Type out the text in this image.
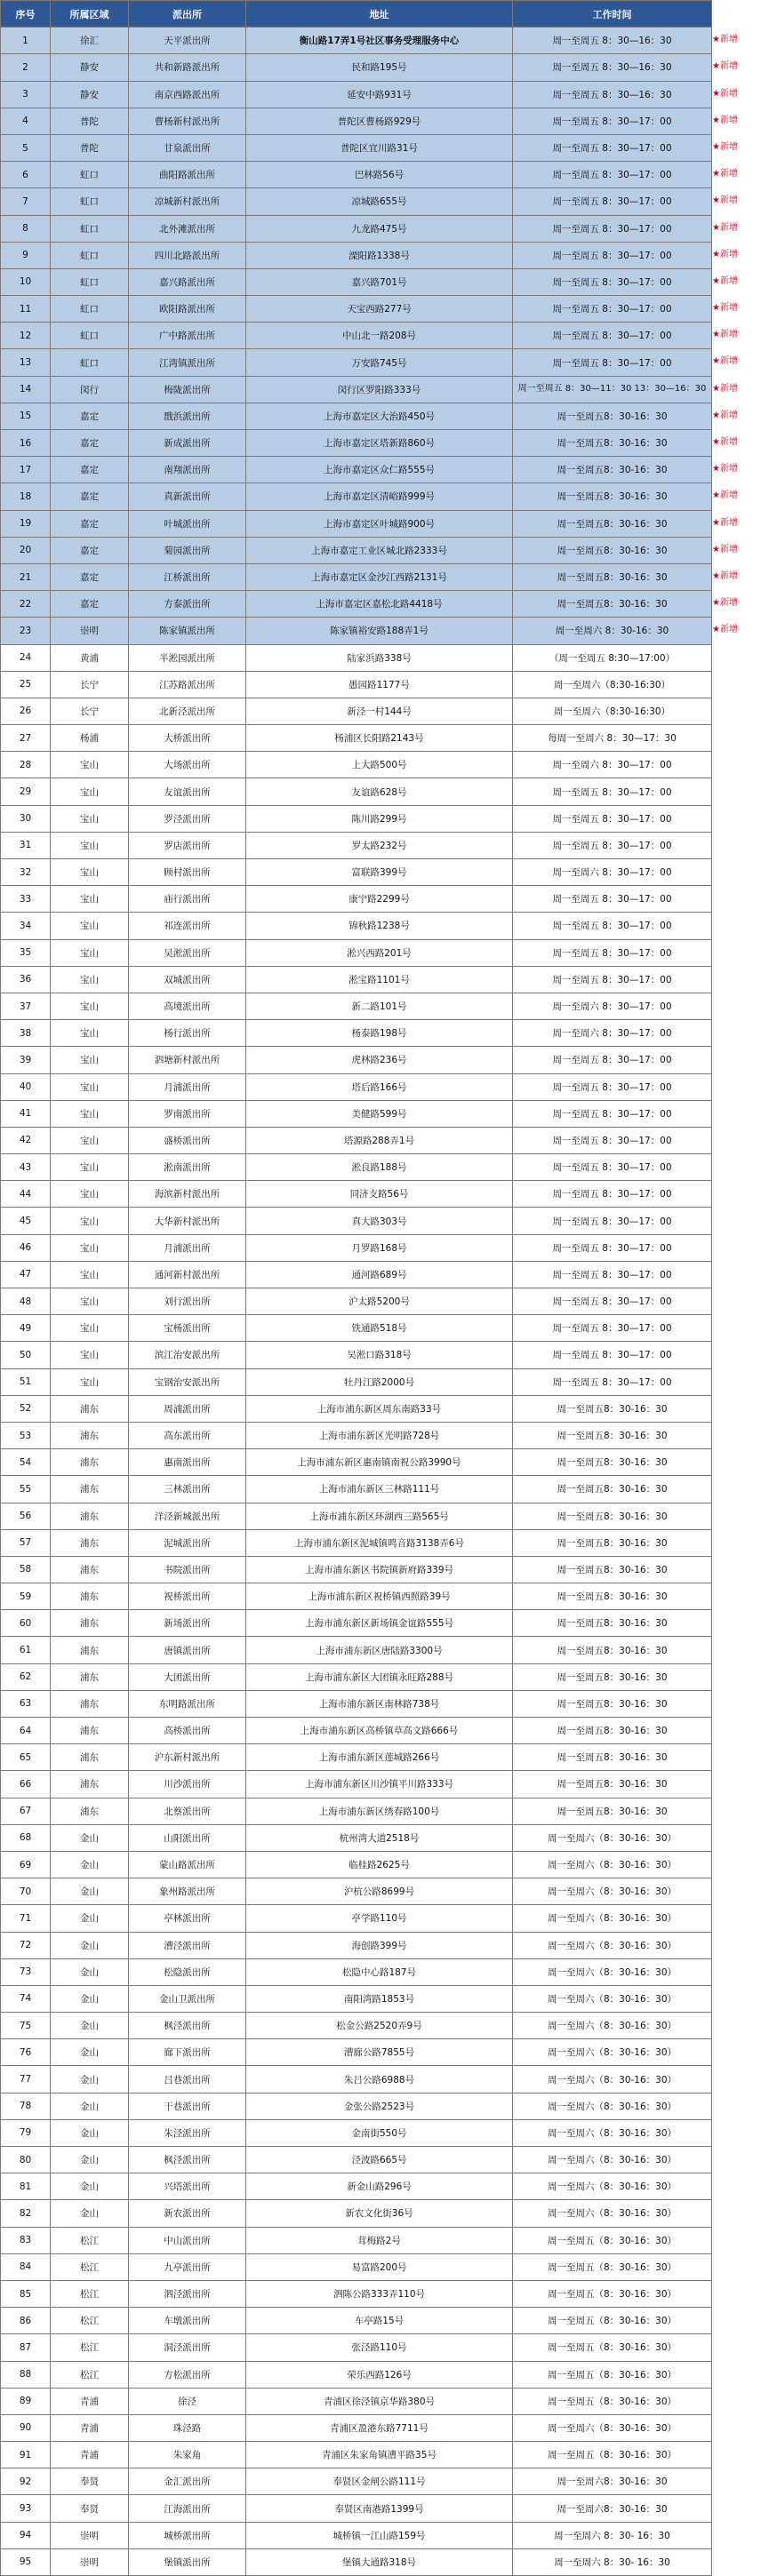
序号	所属区域	派出所	地址	工作时间
1	徐汇	天平派出所	衡山路17弄1号社区事务受理服务中心	周一至周五 8：30—16：30
2	静安	共和新路派出所	民和路195号	周一至周五 8：30—16：30
3	静安	南京西路派出所	延安中路931号	周一至周五 8：30—16：30
4	普陀	曹杨新村派出所	普陀区曹杨路929号	周一至周五 8：30—17：00
5	普陀	甘泉派出所	普陀区宜川路31号	周一至周五 8：30—17：00
6	虹口	曲阳路派出所	巴林路56号	周一至周五 8：30—17：00
7	虹口	凉城新村派出所	凉城路655号	周一至周五 8：30—17：00
8	虹口	北外滩派出所	九龙路475号	周一至周五 8：30—17：00
9	虹口	四川北路派出所	溧阳路1338号	周一至周五 8：30—17：00
10	虹口	嘉兴路派出所	嘉兴路701号	周一至周五 8：30—17：00
11	虹口	欧阳路派出所	天宝西路277号	周一至周五 8：30—17：00
12	虹口	广中路派出所	中山北一路208号	周一至周五 8：30—17：00
13	虹口	江湾镇派出所	万安路745号	周一至周五 8：30—17：00
14	闵行	梅陇派出所	闵行区罗阳路333号	周一至周五 8：30—11：30 13：30—16：30
15	嘉定	戬浜派出所	上海市嘉定区大治路450号	周一至周五8：30-16：30
16	嘉定	新成派出所	上海市嘉定区塔新路860号	周一至周五8：30-16：30
17	嘉定	南翔派出所	上海市嘉定区众仁路555号	周一至周五8：30-16：30
18	嘉定	真新派出所	上海市嘉定区清峪路999号	周一至周五8：30-16：30
19	嘉定	叶城派出所	上海市嘉定区叶城路900号	周一至周五8：30-16：30
20	嘉定	菊园派出所	上海市嘉定工业区城北路2333号	周一至周五8：30-16：30
21	嘉定	江桥派出所	上海市嘉定区金沙江西路2131号	周一至周五8：30-16：30
22	嘉定	方泰派出所	上海市嘉定区嘉松北路4418号	周一至周五8：30-16：30
23	崇明	陈家镇派出所	陈家镇裕安路188弄1号	周一至周六 8：30-16：30
24	黄浦	半淞园派出所	陆家浜路338号	（周一至周五 8:30—17:00）
25	长宁	江苏路派出所	愚园路1177号	周一至周六（8:30-16:30）
26	长宁	北新泾派出所	新泾一村144号	周一至周六（8:30-16:30）
27	杨浦	大桥派出所	杨浦区长阳路2143号	每周一至周六 8：30—17：30
28	宝山	大场派出所	上大路500号	周一至周六 8：30—17：00
29	宝山	友谊派出所	友谊路628号	周一至周五 8：30—17：00
30	宝山	罗泾派出所	陈川路299号	周一至周五 8：30—17：00
31	宝山	罗店派出所	罗太路232号	周一至周五 8：30—17：00
32	宝山	顾村派出所	富联路399号	周一至周六 8：30—17：00
33	宝山	庙行派出所	康宁路2299号	周一至周五 8：30—17：00
34	宝山	祁连派出所	锦秋路1238号	周一至周五 8：30—17：00
35	宝山	吴淞派出所	淞兴西路201号	周一至周五 8：30—17：00
36	宝山	双城派出所	淞宝路1101号	周一至周五 8：30—17：00
37	宝山	高境派出所	新二路101号	周一至周六 8：30—17：00
38	宝山	杨行派出所	杨泰路198号	周一至周六 8：30—17：00
39	宝山	泗塘新村派出所	虎林路236号	周一至周五 8：30—17：00
40	宝山	月浦派出所	塔后路166号	周一至周五 8：30—17：00
41	宝山	罗南派出所	美健路599号	周一至周五 8：30—17：00
42	宝山	盛桥派出所	塔源路288弄1号	周一至周五 8：30—17：00
43	宝山	淞南派出所	淞良路188号	周一至周五 8：30—17：00
44	宝山	海滨新村派出所	同济支路56号	周一至周五 8：30—17：00
45	宝山	大华新村派出所	真大路303号	周一至周五 8：30—17：00
46	宝山	月浦派出所	月罗路168号	周一至周五 8：30—17：00
47	宝山	通河新村派出所	通河路689号	周一至周五 8：30—17：00
48	宝山	刘行派出所	沪太路5200号	周一至周五 8：30—17：00
49	宝山	宝杨派出所	铁通路518号	周一至周五 8：30—17：00
50	宝山	滨江治安派出所	吴淞口路318号	周一至周五 8：30—17：00
51	宝山	宝钢治安派出所	牡丹江路2000号	周一至周五 8：30—17：00
52	浦东	周浦派出所	上海市浦东新区周东南路33号	周一至周五8：30-16：30
53	浦东	高东派出所	上海市浦东新区光明路728号	周一至周五8：30-16：30
54	浦东	惠南派出所	上海市浦东新区惠南镇南祝公路3990号	周一至周五8：30-16：30
55	浦东	三林派出所	上海市浦东新区三林路111号	周一至周五8：30-16：30
56	浦东	洋泾新城派出所	上海市浦东新区环湖西三路565号	周一至周五8：30-16：30
57	浦东	泥城派出所	上海市浦东新区泥城镇鸣音路3138弄6号	周一至周五8：30-16：30
58	浦东	书院派出所	上海市浦东新区书院镇新府路339号	周一至周五8：30-16：30
59	浦东	祝桥派出所	上海市浦东新区祝桥镇西照路39号	周一至周五8：30-16：30
60	浦东	新场派出所	上海市浦东新区新场镇金谊路555号	周一至周五8：30-16：30
61	浦东	唐镇派出所	上海市浦东新区唐陆路3300号	周一至周五8：30-16：30
62	浦东	大团派出所	上海市浦东新区大团镇永旺路288号	周一至周五8：30-16：30
63	浦东	东明路派出所	上海市浦东新区南林路738号	周一至周五8：30-16：30
64	浦东	高桥派出所	上海市浦东新区高桥镇草高文路666号	周一至周五8：30-16：30
65	浦东	沪东新村派出所	上海市浦东新区莲城路266号	周一至周五8：30-16：30
66	浦东	川沙派出所	上海市浦东新区川沙镇平川路333号	周一至周五8：30-16：30
67	浦东	北蔡派出所	上海市浦东新区绣春路100号	周一至周五8：30-16：30
68	金山	山阳派出所	杭州湾大道2518号	周一至周六（8：30-16：30）
69	金山	蒙山路派出所	临桂路2625号	周一至周六（8：30-16：30）
70	金山	象州路派出所	沪杭公路8699号	周一至周六（8：30-16：30）
71	金山	亭林派出所	亭学路110号	周一至周六（8：30-16：30）
72	金山	漕泾派出所	海创路399号	周一至周六（8：30-16：30）
73	金山	松隐派出所	松隐中心路187号	周一至周六（8：30-16：30）
74	金山	金山卫派出所	南阳湾路1853号	周一至周六（8：30-16：30）
75	金山	枫泾派出所	松金公路2520弄9号	周一至周六（8：30-16：30）
76	金山	廊下派出所	漕廊公路7855号	周一至周六（8：30-16：30）
77	金山	吕巷派出所	朱吕公路6988号	周一至周六（8：30-16：30）
78	金山	干巷派出所	金张公路2523号	周一至周六（8：30-16：30）
79	金山	朱泾派出所	金南街550号	周一至周六（8：30-16：30）
80	金山	枫泾派出所	泾波路665号	周一至周六（8：30-16：30）
81	金山	兴塔派出所	新金山路296号	周一至周六（8：30-16：30）
82	金山	新农派出所	新农文化街36号	周一至周六（8：30-16：30）
83	松江	中山派出所	茸梅路2号	周一至周五（8：30-16：30）
84	松江	九亭派出所	易富路200号	周一至周五（8：30-16：30）
85	松江	泗泾派出所	泗陈公路333弄110号	周一至周五（8：30-16：30）
86	松江	车墩派出所	车亭路15号	周一至周五（8：30-16：30）
87	松江	洞泾派出所	张泾路110号	周一至周五（8：30-16：30）
88	松江	方松派出所	荣乐西路126号	周一至周五（8：30-16：30）
89	青浦	徐泾	青浦区徐泾镇京华路380号	周一至周五（8：30-16：30）
90	青浦	珠泾路	青浦区盈港东路7711号	周一至周六（8：30-16：30）
91	青浦	朱家角	青浦区朱家角镇漕平路35号	周一至周五（8：30-16：30）
92	奉贤	金汇派出所	奉贤区金闸公路111号	周一至周六8：30-16：30
93	奉贤	江海派出所	奉贤区南港路1399号	周一至周六8：30-16：30
94	崇明	城桥派出所	城桥镇一江山路159号	周一至周六 8：30- 16：30
95	崇明	堡镇派出所	堡镇大通路318号	周一至周六 8：30- 16：30
★新增
★新增
★新增
★新增
★新增
★新增
★新增
★新增
★新增
★新增
★新增
★新增
★新增
★新增
★新增
★新增
★新增
★新增
★新增
★新增
★新增
★新增
★新增
